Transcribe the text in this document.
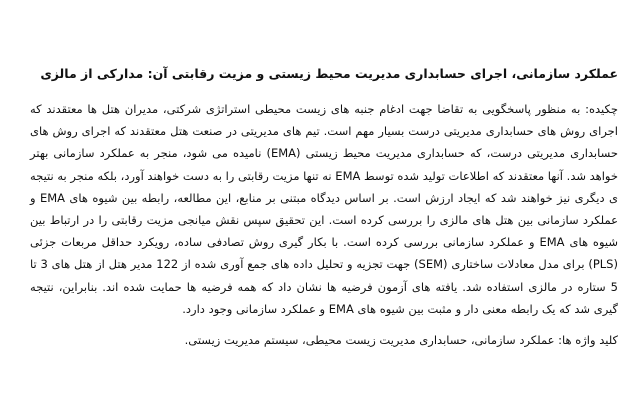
عملکرد سازمانی، اجرای حسابداری مدیریت محیط زیستی و مزیت رقابتی آن: مدارکی از مالزی

چکیده: به منظور پاسخگویی به تقاضا جهت ادغام جنبه های زیست محیطی استراتژی شرکتی، مدیران هتل ها معتقدند که اجرای روش های حسابداری مدیریتی درست بسیار مهم است. تیم های مدیریتی در صنعت هتل معتقدند که اجرای روش های حسابداری مدیریتی درست، که حسابداری مدیریت محیط زیستی (EMA) نامیده می شود، منجر به عملکرد سازمانی بهتر خواهد شد. آنها معتقدند که اطلاعات تولید شده توسط EMA نه تنها مزیت رقابتی را به دست خواهند آورد، بلکه منجر به نتیجه ی دیگری نیز خواهند شد که ایجاد ارزش است. بر اساس دیدگاه مبتنی بر منابع، این مطالعه، رابطه بین شیوه های EMA و عملکرد سازمانی بین هتل های مالزی را بررسی کرده است. این تحقیق سپس نقش میانجی مزیت رقابتی را در ارتباط بین شیوه های EMA و عملکرد سازمانی بررسی کرده است. با بکار گیری روش تصادفی ساده، رویکرد حداقل مربعات جزئی (PLS) برای مدل معادلات ساختاری (SEM) جهت تجزیه و تحلیل داده های جمع آوری شده از 122 مدیر هتل از هتل های 3 تا 5 ستاره در مالزی استفاده شد. یافته های آزمون فرضیه ها نشان داد که همه فرضیه ها حمایت شده اند. بنابراین، نتیجه گیری شد که یک رابطه معنی دار و مثبت بین شیوه های EMA و عملکرد سازمانی وجود دارد.

کلید واژه ها: عملکرد سازمانی، حسابداری مدیریت زیست محیطی، سیستم مدیریت زیستی.
